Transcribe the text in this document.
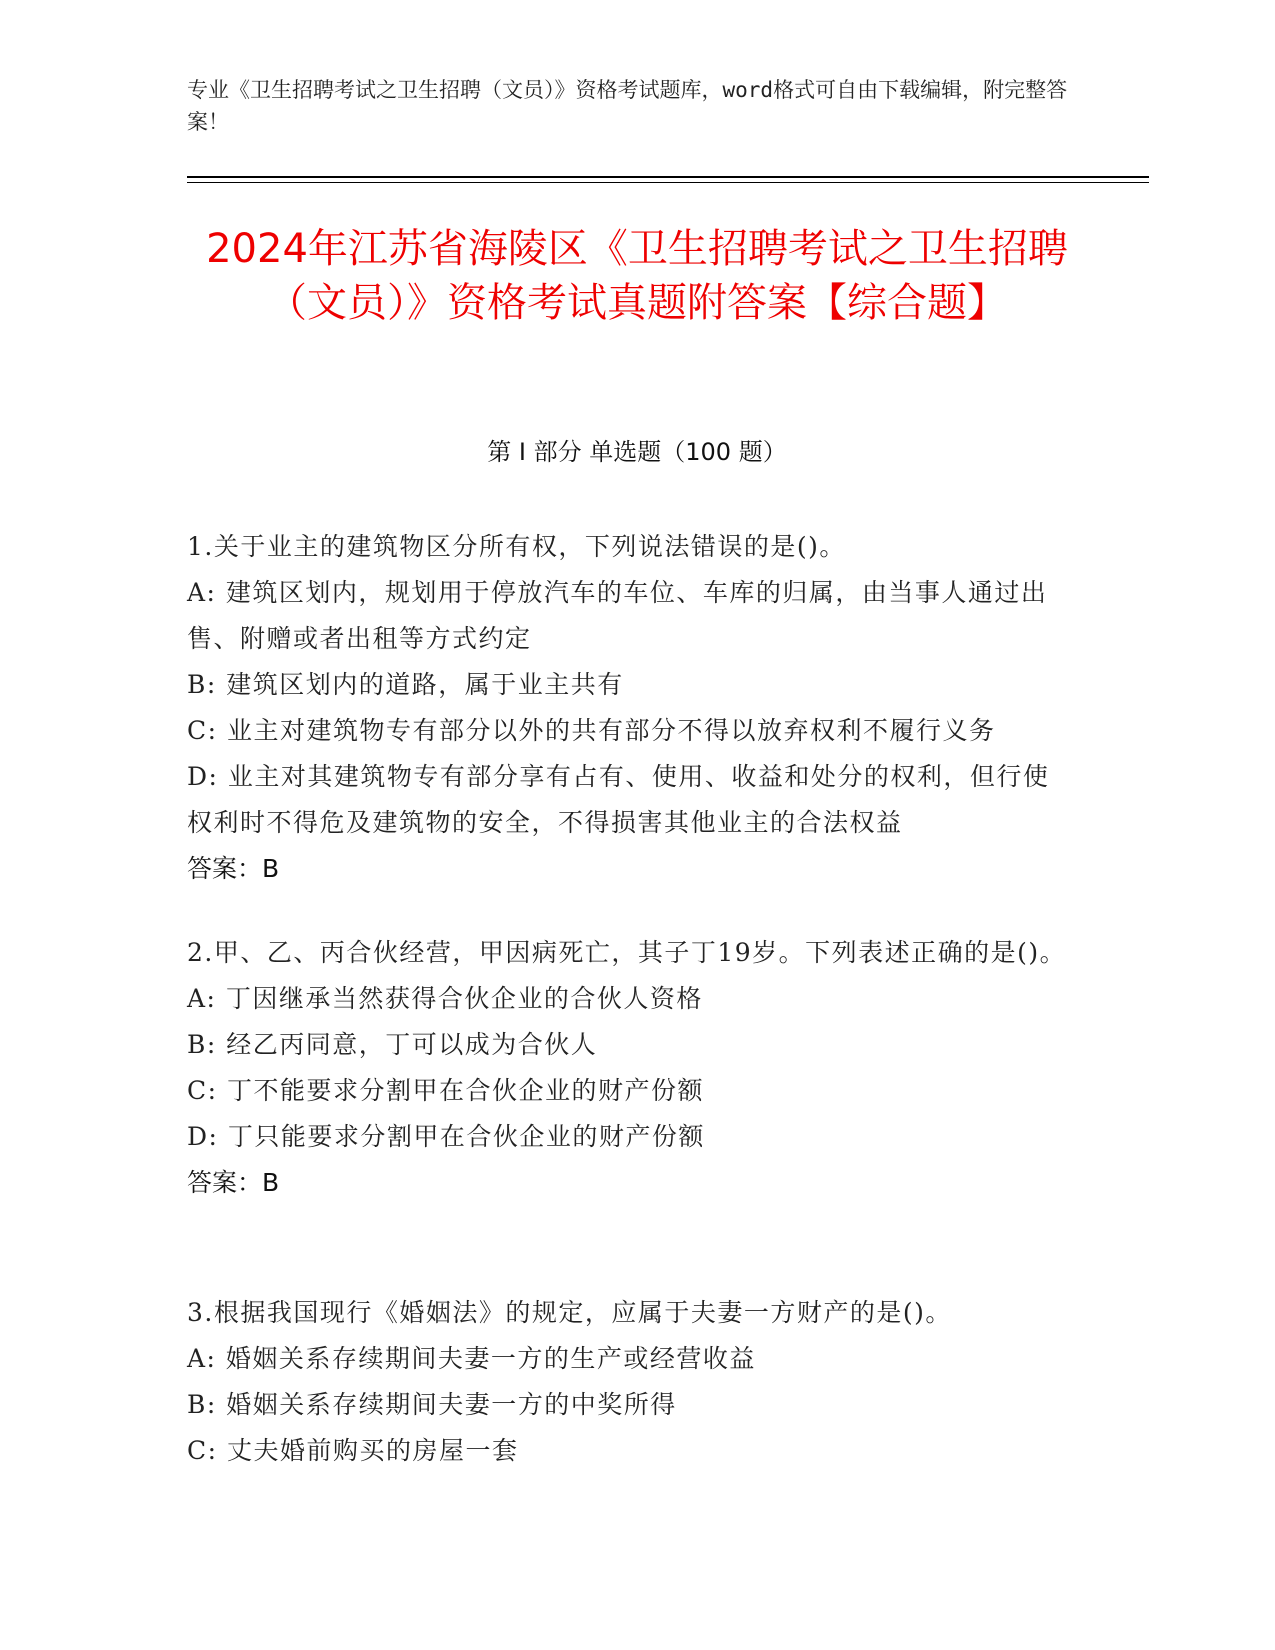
专业《卫生招聘考试之卫生招聘（文员）》资格考试题库，word格式可自由下载编辑，附完整答案！
2024年江苏省海陵区《卫生招聘考试之卫生招聘（文员）》资格考试真题附答案【综合题】
第 I 部分 单选题（100 题）

1.关于业主的建筑物区分所有权，下列说法错误的是()。

A: 建筑区划内，规划用于停放汽车的车位、车库的归属，由当事人通过出售、附赠或者出租等方式约定

B: 建筑区划内的道路，属于业主共有

C: 业主对建筑物专有部分以外的共有部分不得以放弃权利不履行义务

D: 业主对其建筑物专有部分享有占有、使用、收益和处分的权利，但行使权利时不得危及建筑物的安全，不得损害其他业主的合法权益

答案：B

2.甲、乙、丙合伙经营，甲因病死亡，其子丁19岁。下列表述正确的是()。

A: 丁因继承当然获得合伙企业的合伙人资格

B: 经乙丙同意，丁可以成为合伙人

C: 丁不能要求分割甲在合伙企业的财产份额

D: 丁只能要求分割甲在合伙企业的财产份额

答案：B

3.根据我国现行《婚姻法》的规定，应属于夫妻一方财产的是()。

A: 婚姻关系存续期间夫妻一方的生产或经营收益

B: 婚姻关系存续期间夫妻一方的中奖所得

C: 丈夫婚前购买的房屋一套
